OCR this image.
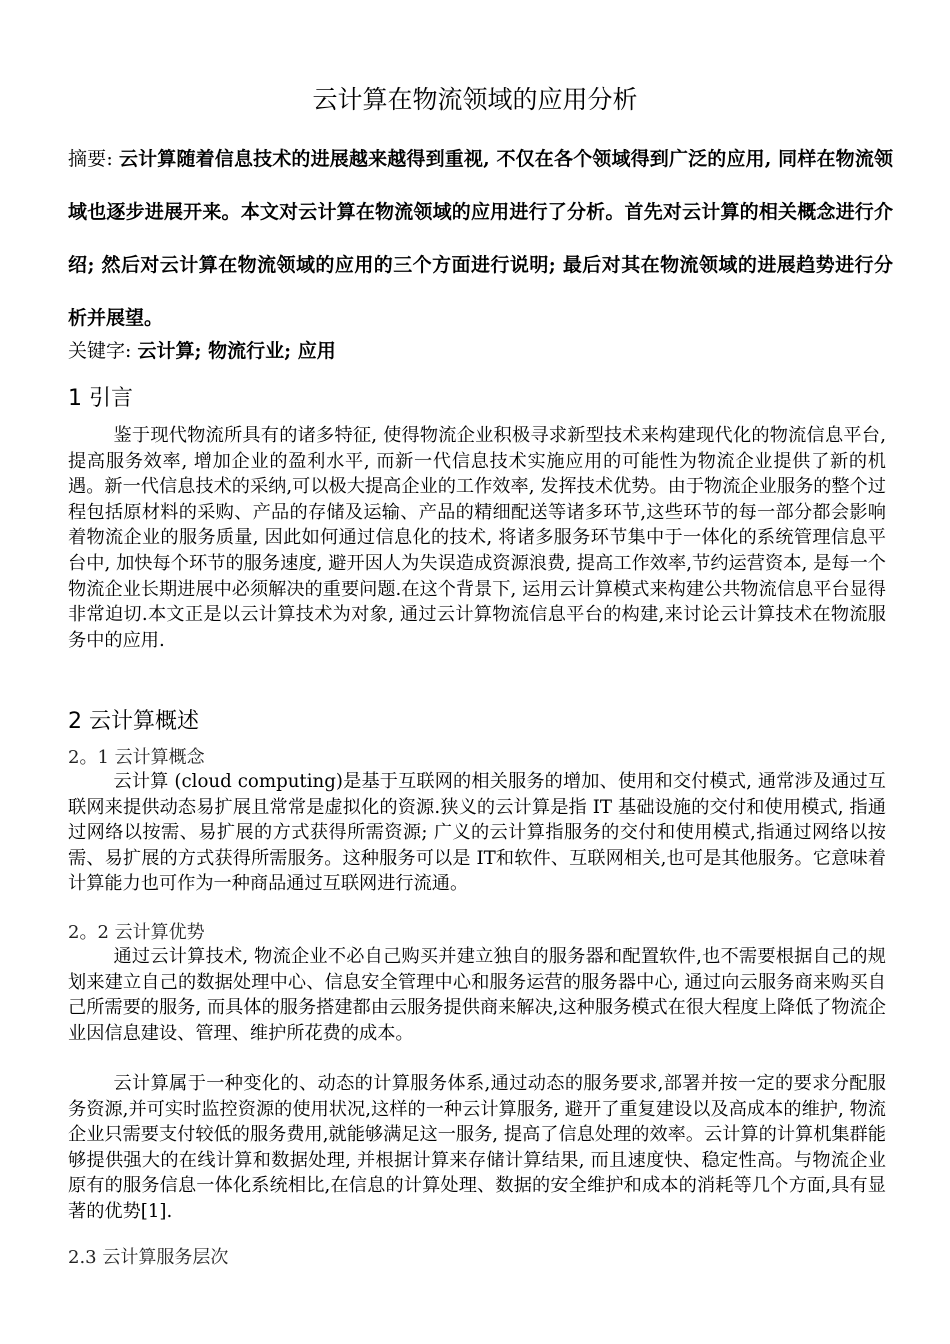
云计算在物流领域的应用分析
摘要: 云计算随着信息技术的进展越来越得到重视, 不仅在各个领域得到广泛的应用, 同样在物流领域也逐步进展开来。本文对云计算在物流领域的应用进行了分析。首先对云计算的相关概念进行介绍; 然后对云计算在物流领域的应用的三个方面进行说明; 最后对其在物流领域的进展趋势进行分析并展望。
关键字: 云计算; 物流行业; 应用
1 引言

鉴于现代物流所具有的诸多特征, 使得物流企业积极寻求新型技术来构建现代化的物流信息平台, 提高服务效率, 增加企业的盈利水平, 而新一代信息技术实施应用的可能性为物流企业提供了新的机遇。新一代信息技术的采纳,可以极大提高企业的工作效率, 发挥技术优势。由于物流企业服务的整个过程包括原材料的采购、产品的存储及运输、产品的精细配送等诸多环节,这些环节的每一部分都会影响着物流企业的服务质量, 因此如何通过信息化的技术, 将诸多服务环节集中于一体化的系统管理信息平台中, 加快每个环节的服务速度, 避开因人为失误造成资源浪费, 提高工作效率,节约运营资本, 是每一个物流企业长期进展中必须解决的重要问题.在这个背景下, 运用云计算模式来构建公共物流信息平台显得非常迫切.本文正是以云计算技术为对象, 通过云计算物流信息平台的构建,来讨论云计算技术在物流服务中的应用.

2 云计算概述
2。1 云计算概念

云计算 (cloud computing)是基于互联网的相关服务的增加、使用和交付模式, 通常涉及通过互联网来提供动态易扩展且常常是虚拟化的资源.狭义的云计算是指 IT 基础设施的交付和使用模式, 指通过网络以按需、易扩展的方式获得所需资源; 广义的云计算指服务的交付和使用模式,指通过网络以按需、易扩展的方式获得所需服务。这种服务可以是 IT和软件、互联网相关,也可是其他服务。它意味着计算能力也可作为一种商品通过互联网进行流通。

2。2 云计算优势

通过云计算技术, 物流企业不必自己购买并建立独自的服务器和配置软件,也不需要根据自己的规划来建立自己的数据处理中心、信息安全管理中心和服务运营的服务器中心, 通过向云服务商来购买自己所需要的服务, 而具体的服务搭建都由云服务提供商来解决,这种服务模式在很大程度上降低了物流企业因信息建设、管理、维护所花费的成本。

云计算属于一种变化的、动态的计算服务体系,通过动态的服务要求,部署并按一定的要求分配服务资源,并可实时监控资源的使用状况,这样的一种云计算服务, 避开了重复建设以及高成本的维护, 物流企业只需要支付较低的服务费用,就能够满足这一服务, 提高了信息处理的效率。云计算的计算机集群能够提供强大的在线计算和数据处理, 并根据计算来存储计算结果, 而且速度快、稳定性高。与物流企业原有的服务信息一体化系统相比,在信息的计算处理、数据的安全维护和成本的消耗等几个方面,具有显著的优势[1].

2.3 云计算服务层次
